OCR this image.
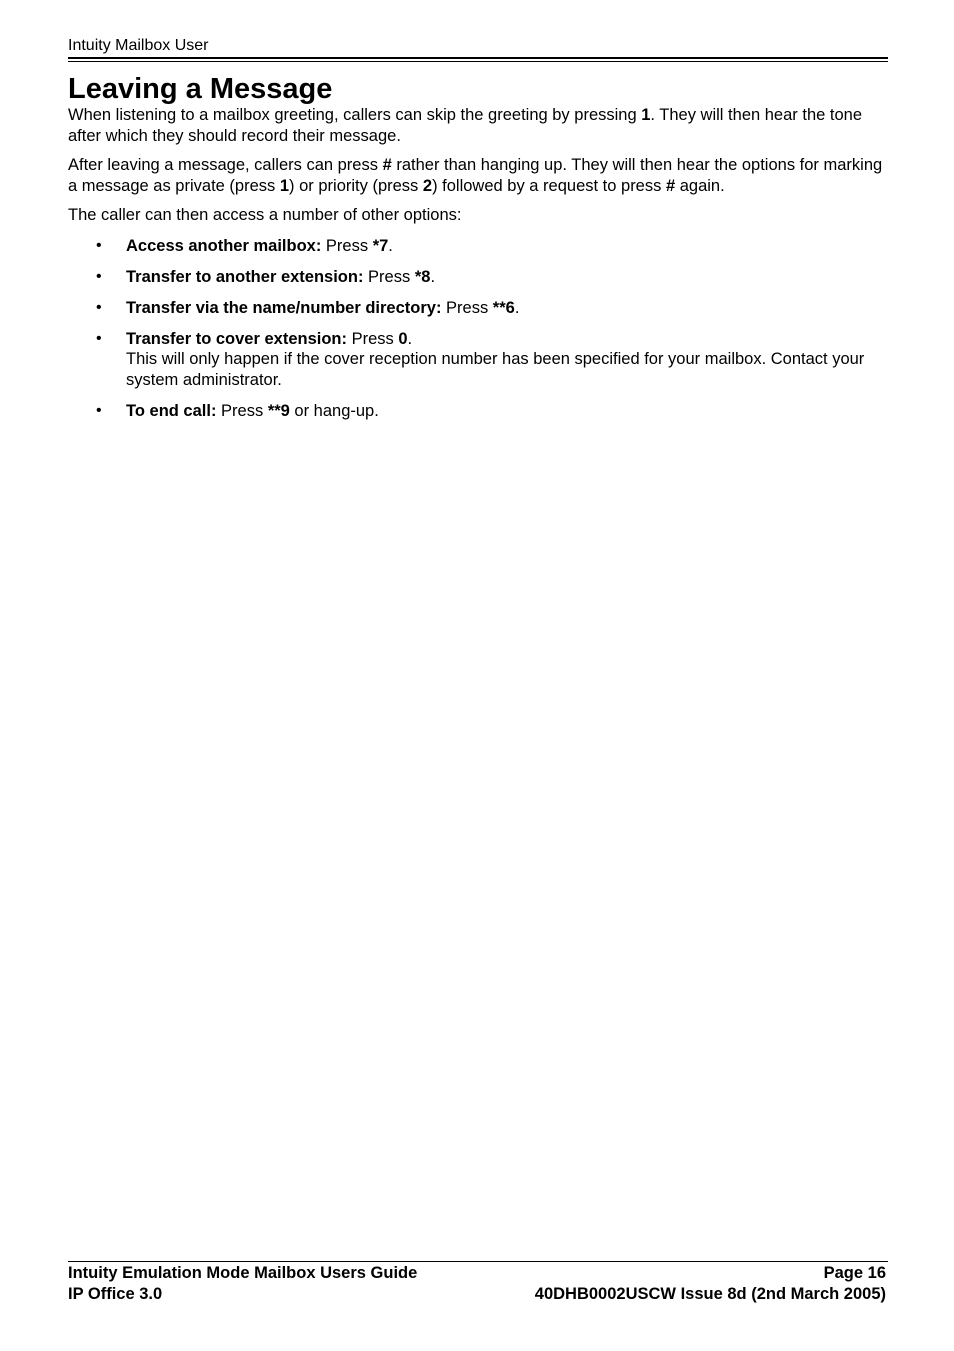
Intuity Mailbox User
Leaving a Message

When listening to a mailbox greeting, callers can skip the greeting by pressing 1. They will then hear the tone after which they should record their message.

After leaving a message, callers can press # rather than hanging up. They will then hear the options for marking a message as private (press 1) or priority (press 2) followed by a request to press # again.

The caller can then access a number of other options:

• Access another mailbox: Press *7.
• Transfer to another extension: Press *8.
• Transfer via the name/number directory: Press **6.
• Transfer to cover extension: Press 0.
This will only happen if the cover reception number has been specified for your mailbox. Contact your system administrator.
• To end call: Press **9 or hang-up.
Intuity Emulation Mode Mailbox Users Guide	Page 16
IP Office 3.0	40DHB0002USCW Issue 8d (2nd March 2005)
